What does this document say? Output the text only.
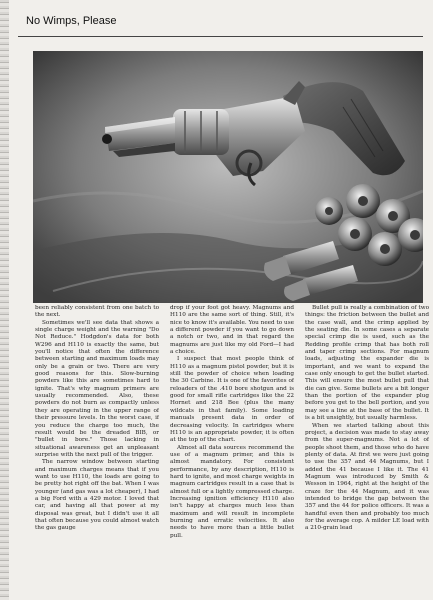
No Wimps, Please

been reliably consistent from one batch to the next.

Sometimes we'll see data that shows a single charge weight and the warning "Do Not Reduce." Hodgdon's data for both W296 and H110 is exactly the same, but you'll notice that often the difference between starting and maximum loads may only be a grain or two. There are very good reasons for this. Slow-burning powders like this are sometimes hard to ignite. That's why magnum primers are usually recommended. Also, these powders do not burn as compactly unless they are operating in the upper range of their pressure levels. In the worst case, if you reduce the charge too much, the result would be the dreaded BIB, or "bullet in bore." Those lacking in situational awareness get an unpleasant surprise with the next pull of the trigger.

The narrow window between starting and maximum charges means that if you want to use H110, the loads are going to be pretty hot right off the bat. When I was younger (and gas was a lot cheaper), I had a big Ford with a 429 motor. I loved that car, and having all that power at my disposal was great, but I didn't use it all that often because you could almost watch the gas gauge

drop if your foot got heavy. Magnums and H110 are the same sort of thing. Still, it's nice to know it's available. You need to use a different powder if you want to go down a notch or two, and in that regard the magnums are just like my old Ford—I had a choice.

I suspect that most people think of H110 as a magnum pistol powder, but it is still the powder of choice when loading the 30 Carbine. It is one of the favorites of reloaders of the .410 bore shotgun and is good for small rifle cartridges like the 22 Hornet and 218 Bee (plus the many wildcats in that family). Some loading manuals present data in order of decreasing velocity. In cartridges where H110 is an appropriate powder, it is often at the top of the chart.

Almost all data sources recommend the use of a magnum primer, and this is almost mandatory. For consistent performance, by any description, H110 is hard to ignite, and most charge weights in magnum cartridges result in a case that is almost full or a lightly compressed charge. Increasing ignition efficiency H110 also isn't happy at charges much less than maximum and will result in incomplete burning and erratic velocities. It also needs to have more than a little bullet pull.

Bullet pull is really a combination of two things: the friction between the bullet and the case wall, and the crimp applied by the seating die. In some cases a separate special crimp die is used, such as the Redding profile crimp that has both roll and taper crimp sections. For magnum loads, adjusting the expander die is important, and we want to expand the case only enough to get the bullet started. This will ensure the most bullet pull that die can give. Some bullets are a bit longer than the portion of the expander plug before you get to the bell portion, and you may see a line at the base of the bullet. It is a bit unsightly, but usually harmless.

When we started talking about this project, a decision was made to stay away from the super-magnums. Not a lot of people shoot them, and those who do have plenty of data. At first we were just going to use the 357 and 44 Magnums, but I added the 41 because I like it. The 41 Magnum was introduced by Smith & Wesson in 1964, right at the height of the craze for the 44 Magnum, and it was intended to bridge the gap between the 357 and the 44 for police officers. It was a handful even then and probably too much for the average cop. A milder LE load with a 210-grain lead
